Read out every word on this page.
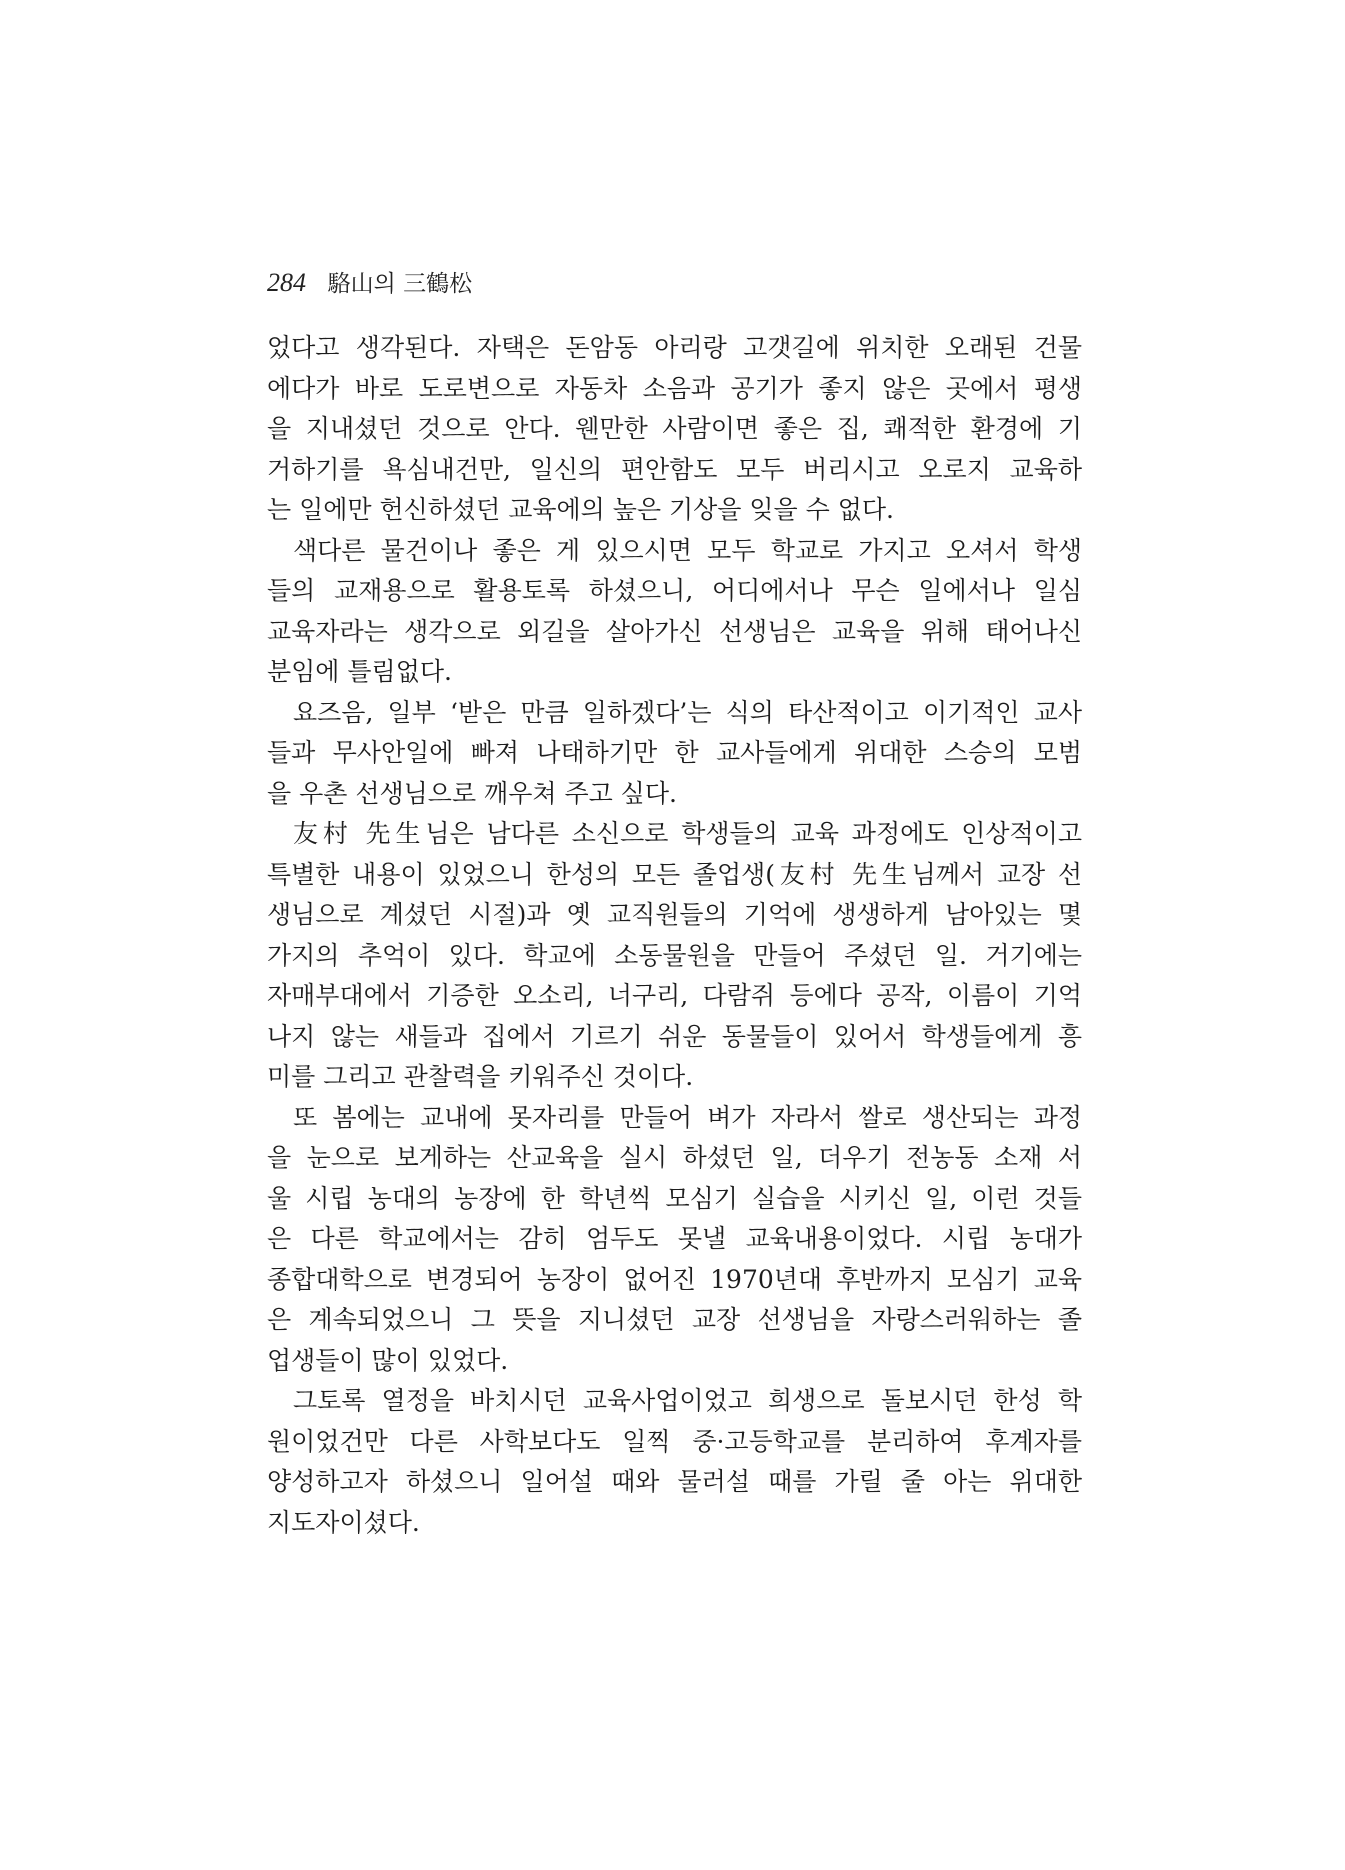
284 駱山의 三鶴松
었다고 생각된다. 자택은 돈암동 아리랑 고갯길에 위치한 오래된 건물
에다가 바로 도로변으로 자동차 소음과 공기가 좋지 않은 곳에서 평생
을 지내셨던 것으로 안다. 웬만한 사람이면 좋은 집, 쾌적한 환경에 기
거하기를 욕심내건만, 일신의 편안함도 모두 버리시고 오로지 교육하
는 일에만 헌신하셨던 교육에의 높은 기상을 잊을 수 없다.
색다른 물건이나 좋은 게 있으시면 모두 학교로 가지고 오셔서 학생
들의 교재용으로 활용토록 하셨으니, 어디에서나 무슨 일에서나 일심
교육자라는 생각으로 외길을 살아가신 선생님은 교육을 위해 태어나신
분임에 틀림없다.
요즈음, 일부 ‘받은 만큼 일하겠다’는 식의 타산적이고 이기적인 교사
들과 무사안일에 빠져 나태하기만 한 교사들에게 위대한 스승의 모범
을 우촌 선생님으로 깨우쳐 주고 싶다.
友村 先生님은 남다른 소신으로 학생들의 교육 과정에도 인상적이고
특별한 내용이 있었으니 한성의 모든 졸업생(友村 先生님께서 교장 선
생님으로 계셨던 시절)과 옛 교직원들의 기억에 생생하게 남아있는 몇
가지의 추억이 있다. 학교에 소동물원을 만들어 주셨던 일. 거기에는
자매부대에서 기증한 오소리, 너구리, 다람쥐 등에다 공작, 이름이 기억
나지 않는 새들과 집에서 기르기 쉬운 동물들이 있어서 학생들에게 흥
미를 그리고 관찰력을 키워주신 것이다.
또 봄에는 교내에 못자리를 만들어 벼가 자라서 쌀로 생산되는 과정
을 눈으로 보게하는 산교육을 실시 하셨던 일, 더우기 전농동 소재 서
울 시립 농대의 농장에 한 학년씩 모심기 실습을 시키신 일, 이런 것들
은 다른 학교에서는 감히 엄두도 못낼 교육내용이었다. 시립 농대가
종합대학으로 변경되어 농장이 없어진 1970년대 후반까지 모심기 교육
은 계속되었으니 그 뜻을 지니셨던 교장 선생님을 자랑스러워하는 졸
업생들이 많이 있었다.
그토록 열정을 바치시던 교육사업이었고 희생으로 돌보시던 한성 학
원이었건만 다른 사학보다도 일찍 중·고등학교를 분리하여 후계자를
양성하고자 하셨으니 일어설 때와 물러설 때를 가릴 줄 아는 위대한
지도자이셨다.
